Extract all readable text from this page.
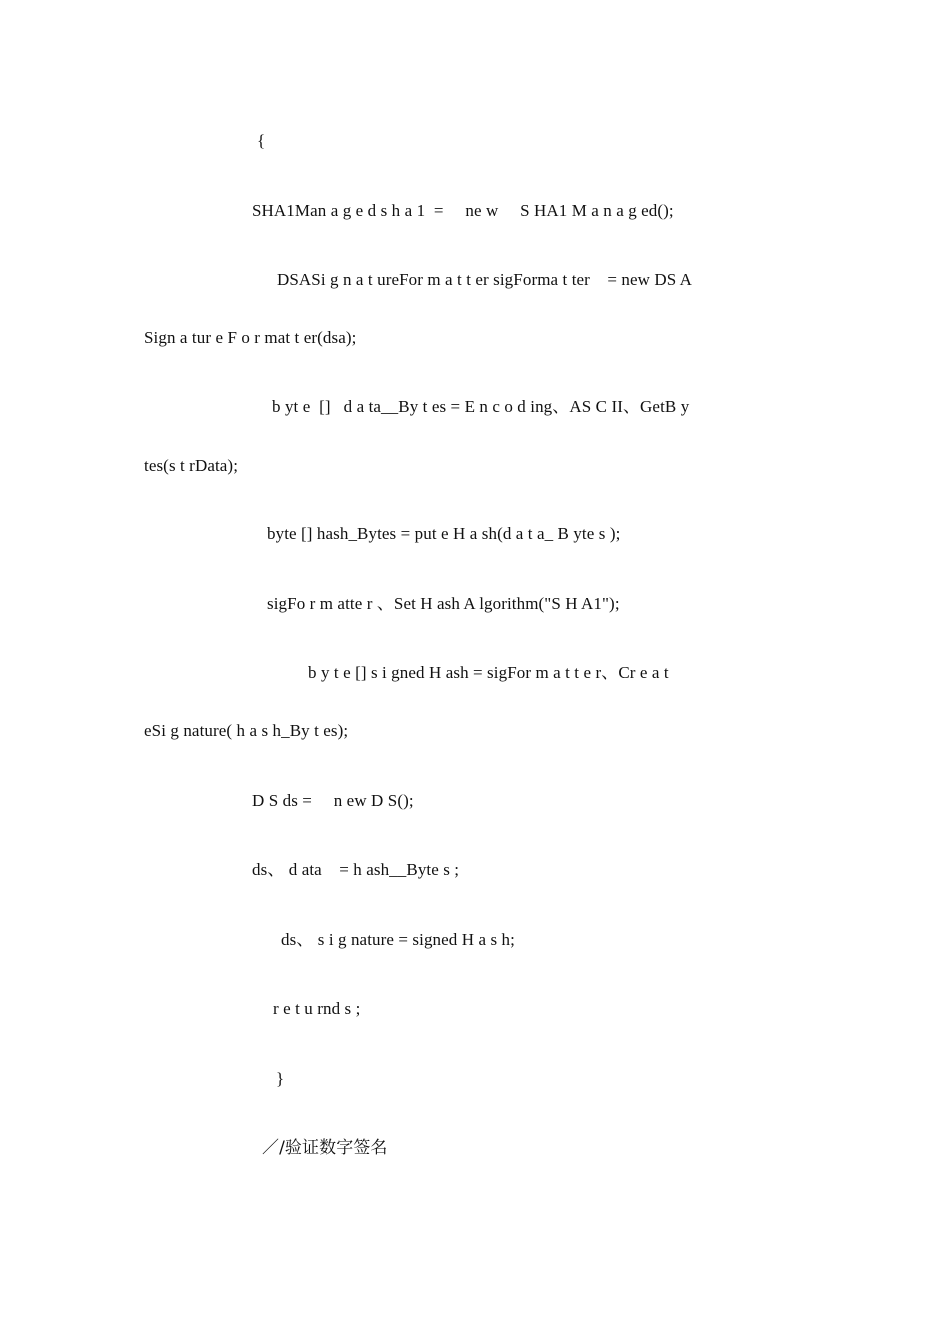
{
SHA1Man a g e d s h a 1  =     ne w     S HA1 M a n a g ed();
DSASi g n a t ureFor m a t t er sigForma t ter    = new DS A
Sign a tur e F o r mat t er(dsa);
b yt e  []   d a ta__By t es = E n c o d ing、AS C II、GetB y
tes(s t rData);
byte [] hash_Bytes = put e H a sh(d a t a_ B yte s );
sigFo r m atte r 、Set H ash A lgorithm("S H A1");
b y t e [] s i gned H ash = sigFor m a t t e r、Cr e a t
eSi g nature( h a s h_By t es);
D S ds =     n ew D S();
ds、 d ata    = h ash__Byte s ;
ds、 s i g nature = signed H a s h;
r e t u rnd s ;
}
／/验证数字签名
